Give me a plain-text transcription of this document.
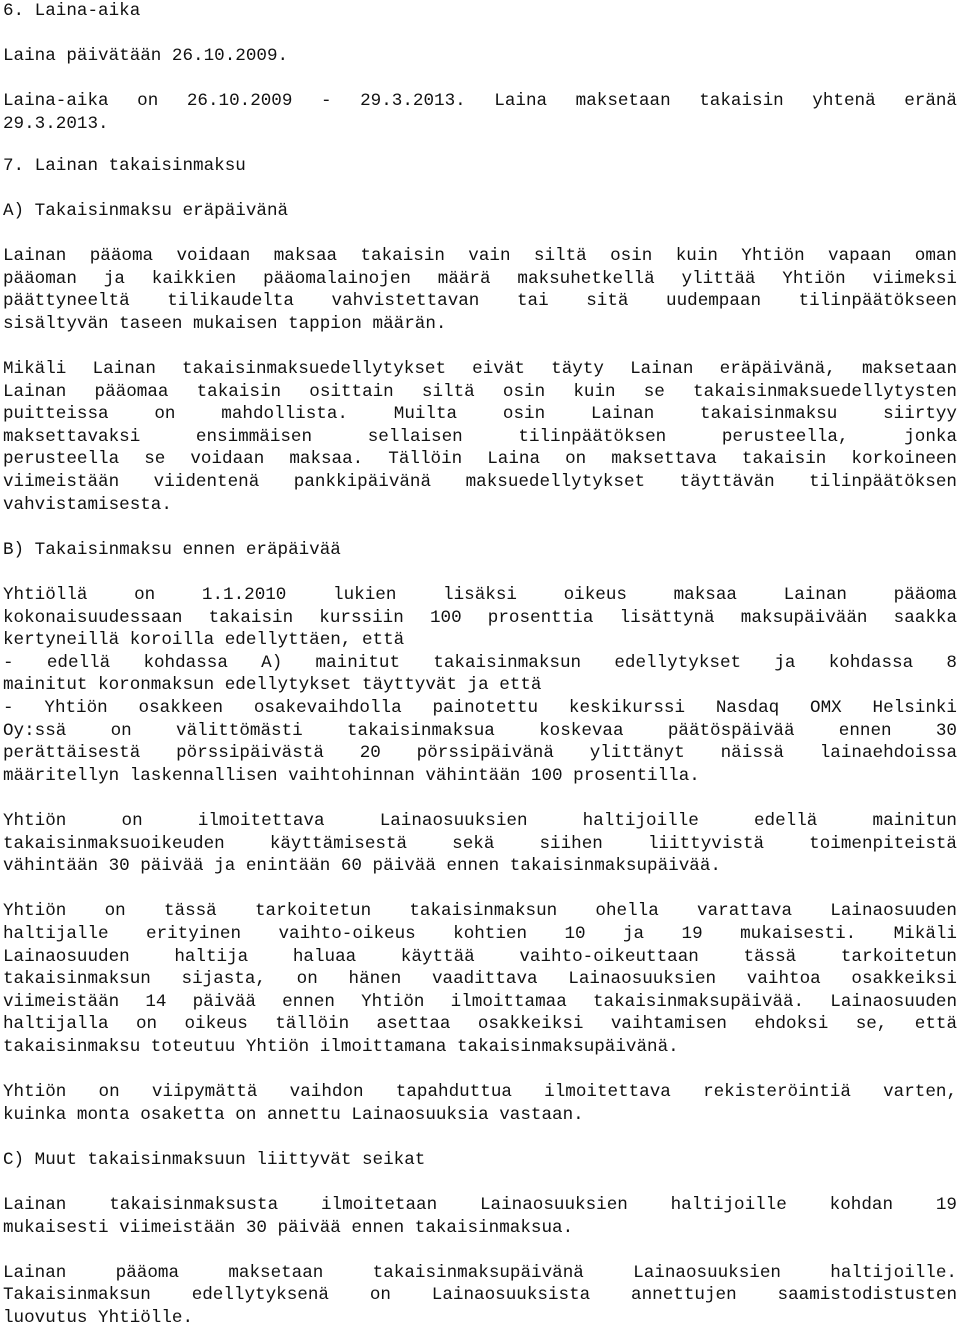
6. Laina-aika
Laina päivätään 26.10.2009.
Laina-aika on 26.10.2009 - 29.3.2013. Laina maksetaan takaisin yhtenä eränä
29.3.2013.
7. Lainan takaisinmaksu
A) Takaisinmaksu eräpäivänä
Lainan pääoma voidaan maksaa takaisin vain siltä osin kuin Yhtiön vapaan oman
pääoman ja kaikkien pääomalainojen määrä maksuhetkellä ylittää Yhtiön viimeksi
päättyneeltä tilikaudelta vahvistettavan tai sitä uudempaan tilinpäätökseen
sisältyvän taseen mukaisen tappion määrän.
Mikäli Lainan takaisinmaksuedellytykset eivät täyty Lainan eräpäivänä, maksetaan
Lainan pääomaa takaisin osittain siltä osin kuin se takaisinmaksuedellytysten
puitteissa on mahdollista. Muilta osin Lainan takaisinmaksu siirtyy
maksettavaksi ensimmäisen sellaisen tilinpäätöksen perusteella, jonka
perusteella se voidaan maksaa. Tällöin Laina on maksettava takaisin korkoineen
viimeistään viidentenä pankkipäivänä maksuedellytykset täyttävän tilinpäätöksen
vahvistamisesta.
B) Takaisinmaksu ennen eräpäivää
Yhtiöllä on 1.1.2010 lukien lisäksi oikeus maksaa Lainan pääoma
kokonaisuudessaan takaisin kurssiin 100 prosenttia lisättynä maksupäivään saakka
kertyneillä koroilla edellyttäen, että
- edellä kohdassa A) mainitut takaisinmaksun edellytykset ja kohdassa 8
mainitut koronmaksun edellytykset täyttyvät ja että
- Yhtiön osakkeen osakevaihdolla painotettu keskikurssi Nasdaq OMX Helsinki
Oy:ssä on välittömästi takaisinmaksua koskevaa päätöspäivää ennen 30
perättäisestä pörssipäivästä 20 pörssipäivänä ylittänyt näissä lainaehdoissa
määritellyn laskennallisen vaihtohinnan vähintään 100 prosentilla.
Yhtiön on ilmoitettava Lainaosuuksien haltijoille edellä mainitun
takaisinmaksuoikeuden käyttämisestä sekä siihen liittyvistä toimenpiteistä
vähintään 30 päivää ja enintään 60 päivää ennen takaisinmaksupäivää.
Yhtiön on tässä tarkoitetun takaisinmaksun ohella varattava Lainaosuuden
haltijalle erityinen vaihto-oikeus kohtien 10 ja 19 mukaisesti. Mikäli
Lainaosuuden haltija haluaa käyttää vaihto-oikeuttaan tässä tarkoitetun
takaisinmaksun sijasta, on hänen vaadittava Lainaosuuksien vaihtoa osakkeiksi
viimeistään 14 päivää ennen Yhtiön ilmoittamaa takaisinmaksupäivää. Lainaosuuden
haltijalla on oikeus tällöin asettaa osakkeiksi vaihtamisen ehdoksi se, että
takaisinmaksu toteutuu Yhtiön ilmoittamana takaisinmaksupäivänä.
Yhtiön on viipymättä vaihdon tapahduttua ilmoitettava rekisteröintiä varten,
kuinka monta osaketta on annettu Lainaosuuksia vastaan.
C) Muut takaisinmaksuun liittyvät seikat
Lainan takaisinmaksusta ilmoitetaan Lainaosuuksien haltijoille kohdan 19
mukaisesti viimeistään 30 päivää ennen takaisinmaksua.
Lainan pääoma maksetaan takaisinmaksupäivänä Lainaosuuksien haltijoille.
Takaisinmaksun edellytyksenä on Lainaosuuksista annettujen saamistodistusten
luovutus Yhtiölle.
